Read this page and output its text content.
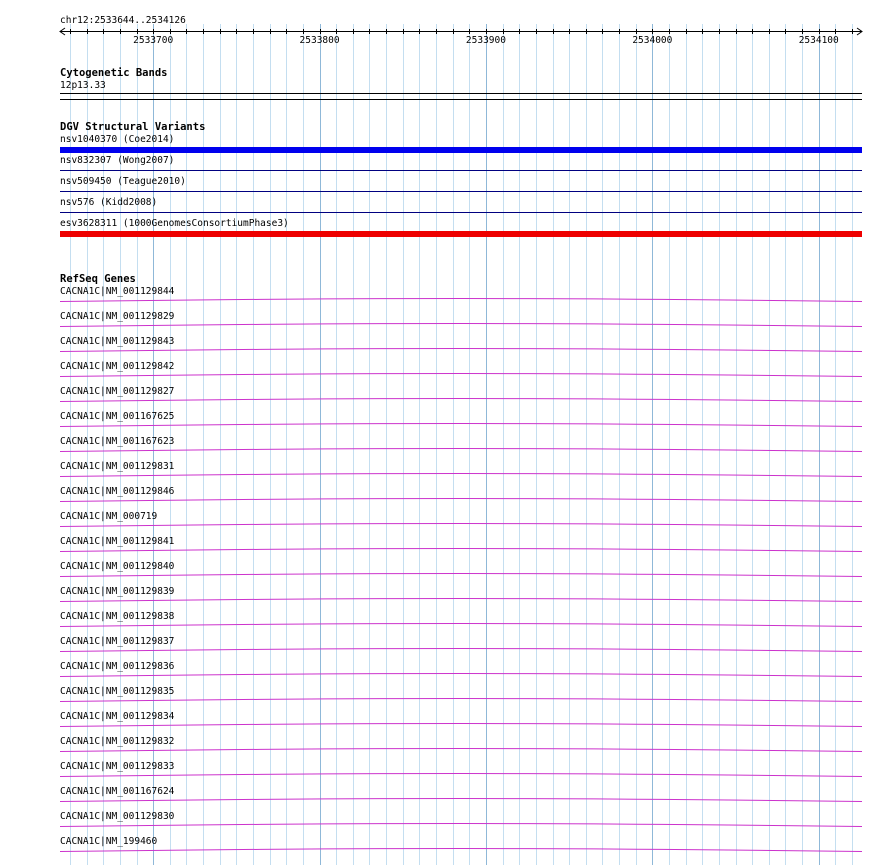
chr12:2533644..2534126
2533700	2533800	2533900	2534000	2534100
Cytogenetic Bands
12p13.33
DGV Structural Variants
nsv1040370 (Coe2014)
nsv832307 (Wong2007)
nsv509450 (Teague2010)
nsv576 (Kidd2008)
esv3628311 (1000GenomesConsortiumPhase3)
RefSeq Genes
CACNA1C|NM_001129844
CACNA1C|NM_001129829
CACNA1C|NM_001129843
CACNA1C|NM_001129842
CACNA1C|NM_001129827
CACNA1C|NM_001167625
CACNA1C|NM_001167623
CACNA1C|NM_001129831
CACNA1C|NM_001129846
CACNA1C|NM_000719
CACNA1C|NM_001129841
CACNA1C|NM_001129840
CACNA1C|NM_001129839
CACNA1C|NM_001129838
CACNA1C|NM_001129837
CACNA1C|NM_001129836
CACNA1C|NM_001129835
CACNA1C|NM_001129834
CACNA1C|NM_001129832
CACNA1C|NM_001129833
CACNA1C|NM_001167624
CACNA1C|NM_001129830
CACNA1C|NM_199460
